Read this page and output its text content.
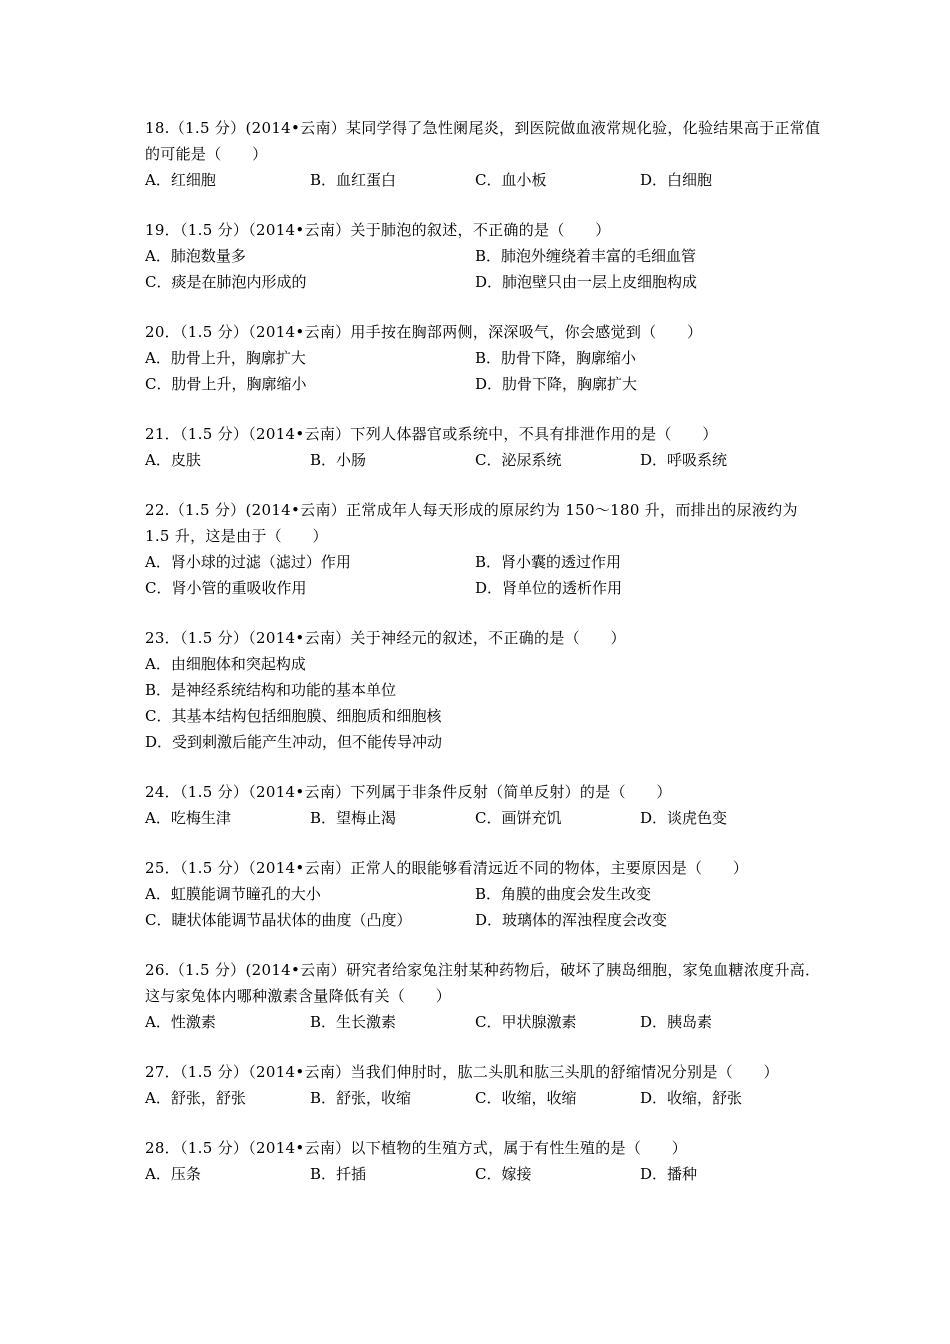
18.（1.5 分）(2014•云南）某同学得了急性阑尾炎，到医院做血液常规化验，化验结果高于正常值的可能是（　　）

A．红细胞	B．血红蛋白	C．血小板	D．白细胞

19．（1.5 分）（2014•云南）关于肺泡的叙述，不正确的是（　　）

A．肺泡数量多	B．肺泡外缠绕着丰富的毛细血管
C．痰是在肺泡内形成的	D．肺泡壁只由一层上皮细胞构成

20．（1.5 分）（2014•云南）用手按在胸部两侧，深深吸气，你会感觉到（　　）

A．肋骨上升，胸廓扩大	B．肋骨下降，胸廓缩小
C．肋骨上升，胸廓缩小	D．肋骨下降，胸廓扩大

21．（1.5 分）（2014•云南）下列人体器官或系统中，不具有排泄作用的是（　　）

A．皮肤	B．小肠	C．泌尿系统	D．呼吸系统

22.（1.5 分）(2014•云南）正常成年人每天形成的原尿约为 150～180 升，而排出的尿液约为 1.5 升，这是由于（　　）

A．肾小球的过滤（滤过）作用	B．肾小囊的透过作用
C．肾小管的重吸收作用	D．肾单位的透析作用

23．（1.5 分）（2014•云南）关于神经元的叙述，不正确的是（　　）

A．由细胞体和突起构成
B．是神经系统结构和功能的基本单位
C．其基本结构包括细胞膜、细胞质和细胞核
D．受到刺激后能产生冲动，但不能传导冲动

24．（1.5 分）（2014•云南）下列属于非条件反射（简单反射）的是（　　）

A．吃梅生津	B．望梅止渴	C．画饼充饥	D．谈虎色变

25．（1.5 分）（2014•云南）正常人的眼能够看清远近不同的物体，主要原因是（　　）

A．虹膜能调节瞳孔的大小	B．角膜的曲度会发生改变
C．睫状体能调节晶状体的曲度（凸度）	D．玻璃体的浑浊程度会改变

26.（1.5 分）(2014•云南）研究者给家兔注射某种药物后，破坏了胰岛细胞，家兔血糖浓度升高．这与家兔体内哪种激素含量降低有关（　　）

A．性激素	B．生长激素	C．甲状腺激素	D．胰岛素

27．（1.5 分）（2014•云南）当我们伸肘时，肱二头肌和肱三头肌的舒缩情况分别是（　　）

A．舒张，舒张	B．舒张，收缩	C．收缩，收缩	D．收缩，舒张

28．（1.5 分）（2014•云南）以下植物的生殖方式，属于有性生殖的是（　　）

A．压条	B．扦插	C．嫁接	D．播种
